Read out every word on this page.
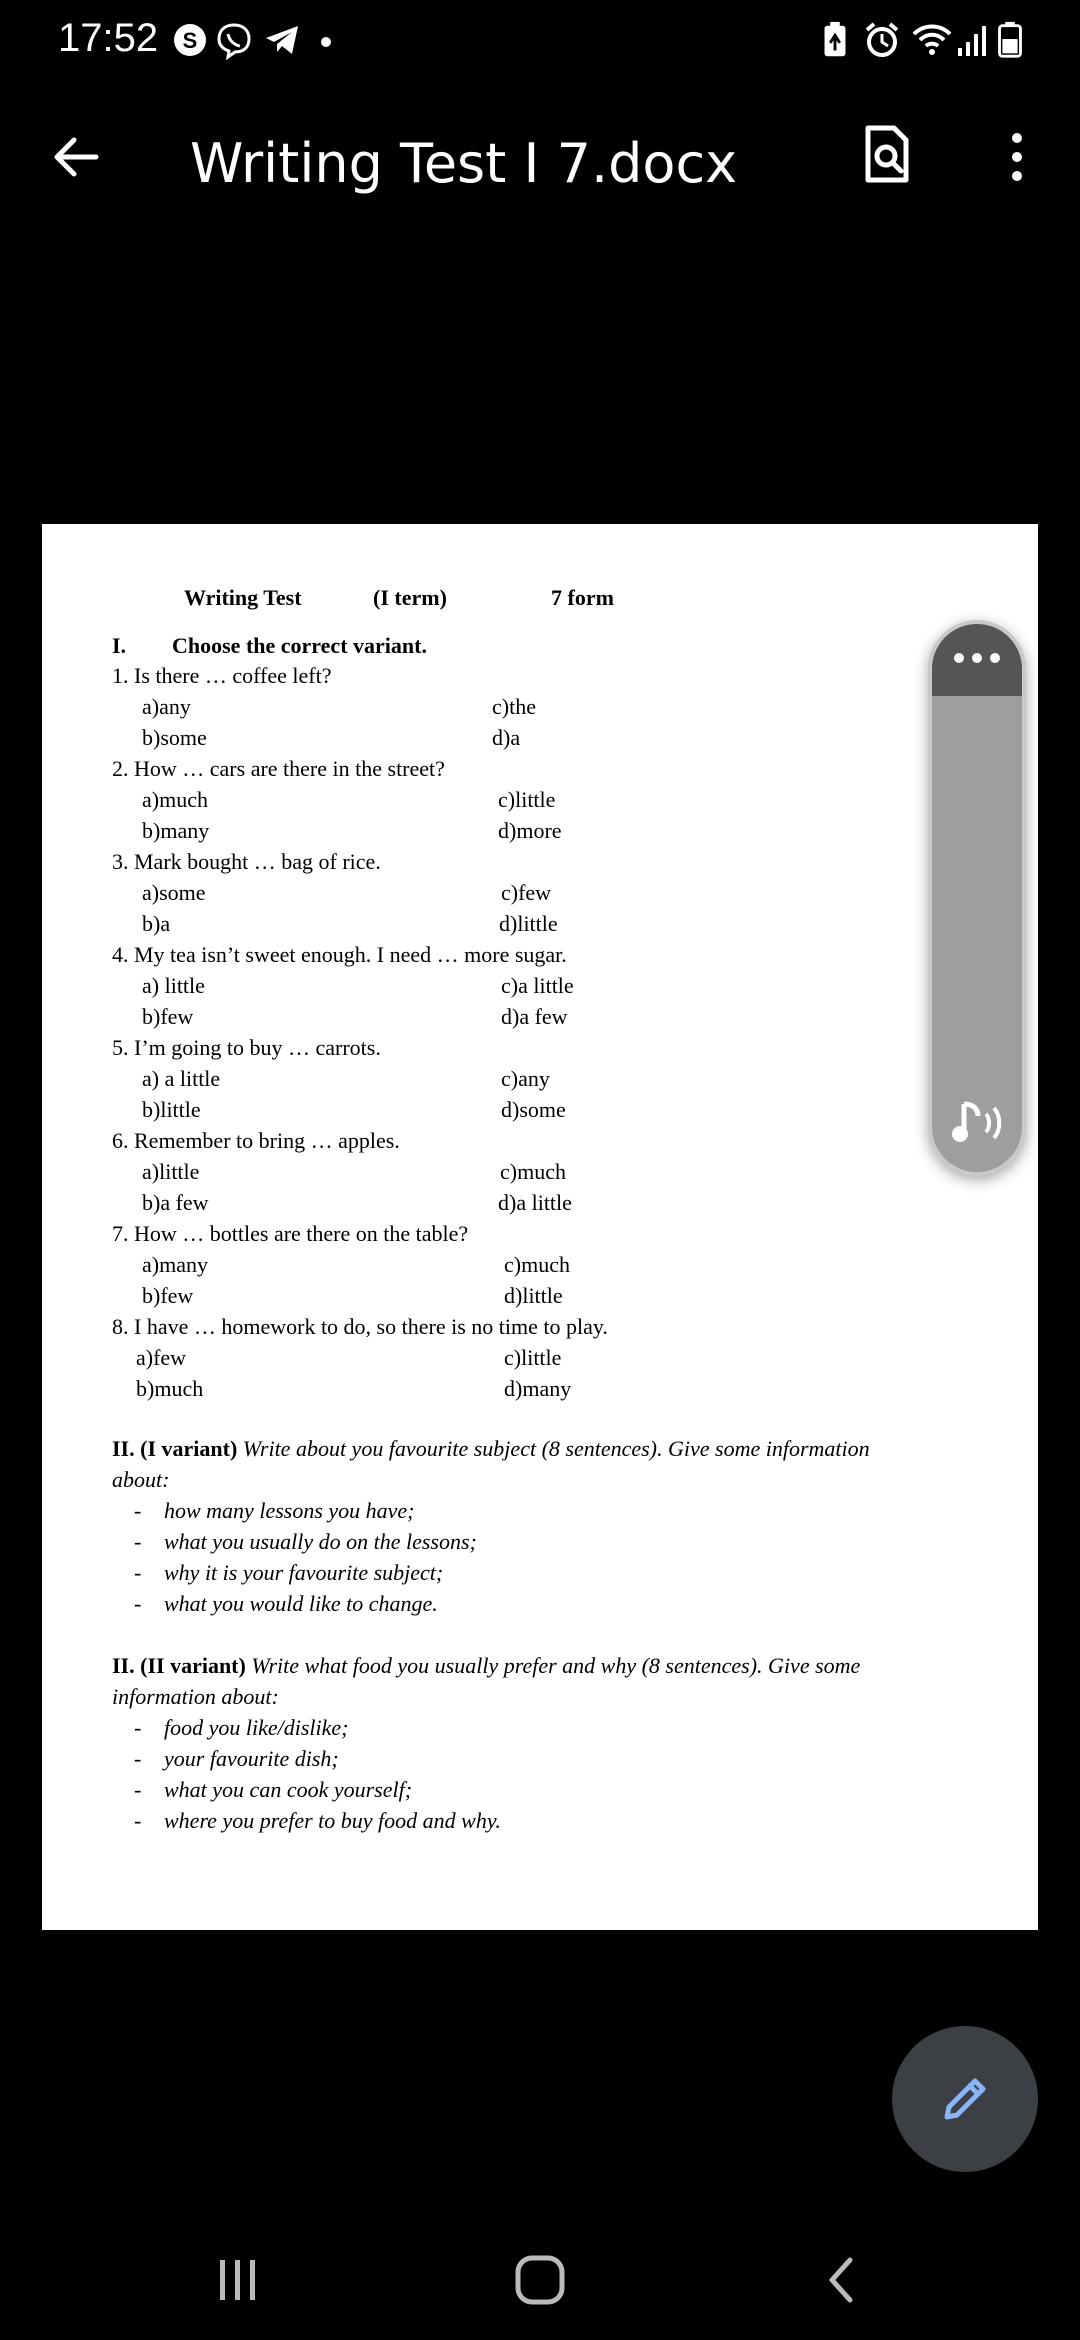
17:52 S
Writing Test I 7.docx
Writing Test	(I term)	7 form
I. Choose the correct variant.
1. Is there … coffee left?
a)any	c)the
b)some	d)a
2. How … cars are there in the street?
a)much	c)little
b)many	d)more
3. Mark bought … bag of rice.
a)some	c)few
b)a	d)little
4. My tea isn’t sweet enough. I need … more sugar.
a) little	c)a little
b)few	d)a few
5. I’m going to buy … carrots.
a) a little	c)any
b)little	d)some
6. Remember to bring … apples.
a)little	c)much
b)a few	d)a little
7. How … bottles are there on the table?
a)many	c)much
b)few	d)little
8. I have … homework to do, so there is no time to play.
a)few	c)little
b)much	d)many
II. (I variant) Write about you favourite subject (8 sentences). Give some information
about:
- how many lessons you have;
- what you usually do on the lessons;
- why it is your favourite subject;
- what you would like to change.
II. (II variant) Write what food you usually prefer and why (8 sentences). Give some
information about:
- food you like/dislike;
- your favourite dish;
- what you can cook yourself;
- where you prefer to buy food and why.
